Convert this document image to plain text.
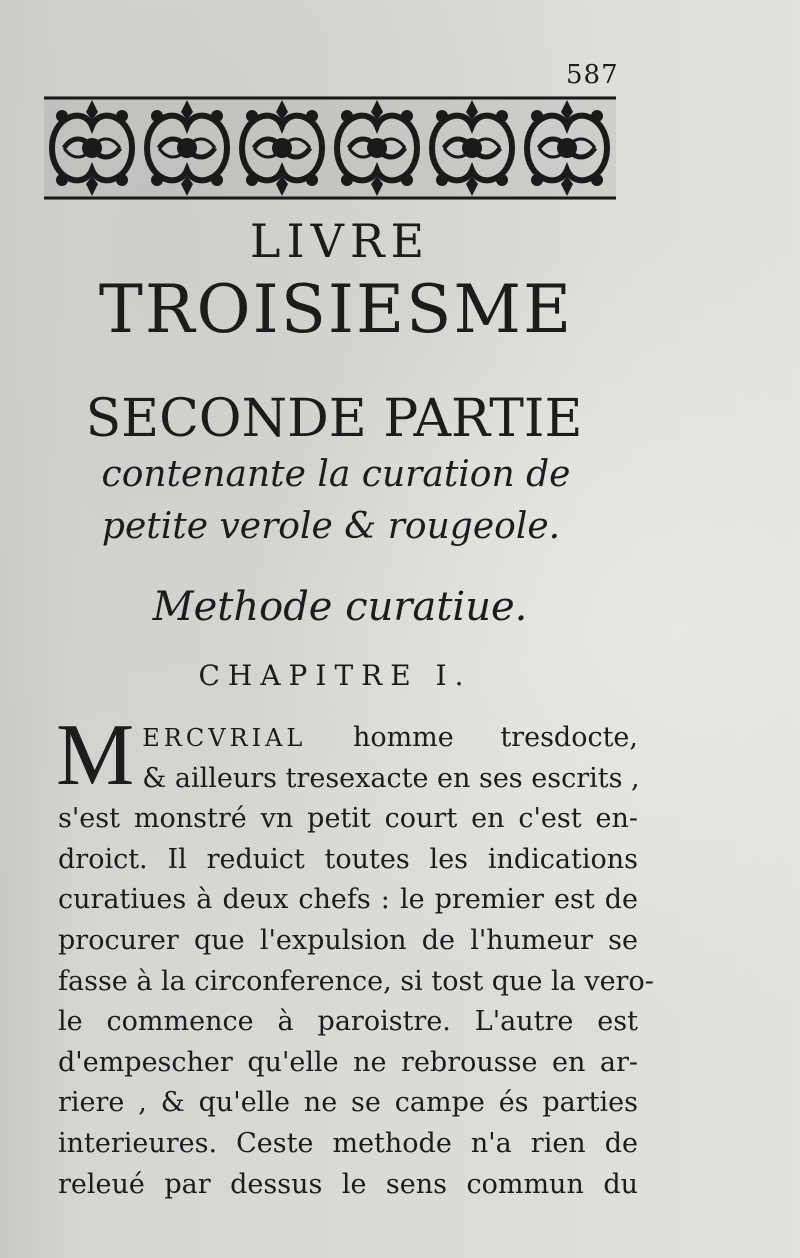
587
LIVRE
TROISIESME
SECONDE PARTIE
contenante la curation de
petite verole & rougeole.
Methode curatiue.
CHAPITRE I.
M ERCVRIAL homme tresdocte,
& ailleurs tresexacte en ses escrits ,
s'est monstré vn petit court en c'est en-
droict. Il reduict toutes les indications
curatiues à deux chefs : le premier est de
procurer que l'expulsion de l'humeur se
fasse à la circonference, si tost que la vero-
le commence à paroistre. L'autre est
d'empescher qu'elle ne rebrousse en ar-
riere , & qu'elle ne se campe és parties
interieures. Ceste methode n'a rien de
releué par dessus le sens commun du
